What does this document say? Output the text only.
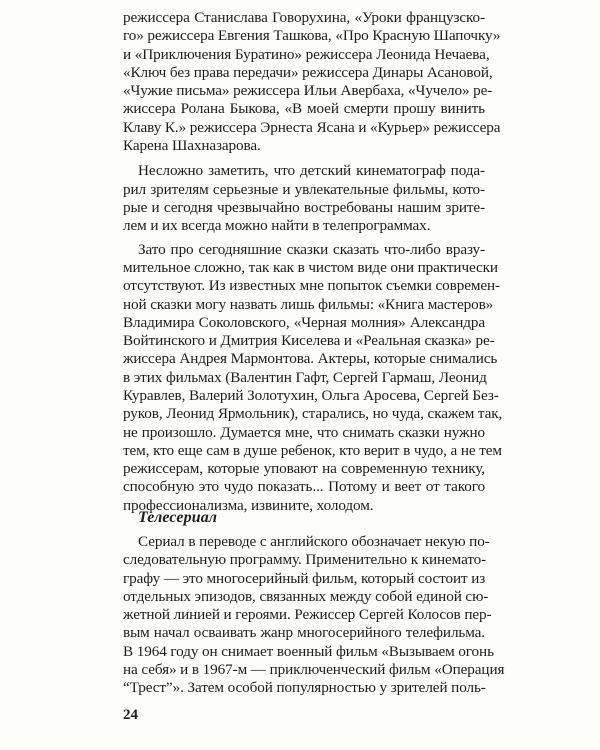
режиссера Станислава Говорухина, «Уроки французско-
го» режиссера Евгения Ташкова, «Про Красную Шапочку»
и «Приключения Буратино» режиссера Леонида Нечаева,
«Ключ без права передачи» режиссера Динары Асановой,
«Чужие письма» режиссера Ильи Авербаха, «Чучело» ре-
жиссера Ролана Быкова, «В моей смерти прошу винить
Клаву К.» режиссера Эрнеста Ясана и «Курьер» режиссера
Карена Шахназарова.
Несложно заметить, что детский кинематограф пода-
рил зрителям серьезные и увлекательные фильмы, кото-
рые и сегодня чрезвычайно востребованы нашим зрите-
лем и их всегда можно найти в телепрограммах.
Зато про сегодняшние сказки сказать что-либо вразу-
мительное сложно, так как в чистом виде они практически
отсутствуют. Из известных мне попыток съемки современ-
ной сказки могу назвать лишь фильмы: «Книга мастеров»
Владимира Соколовского, «Черная молния» Александра
Войтинского и Дмитрия Киселева и «Реальная сказка» ре-
жиссера Андрея Мармонтова. Актеры, которые снимались
в этих фильмах (Валентин Гафт, Сергей Гармаш, Леонид
Куравлев, Валерий Золотухин, Ольга Аросева, Сергей Без-
руков, Леонид Ярмольник), старались, но чуда, скажем так,
не произошло. Думается мне, что снимать сказки нужно
тем, кто еще сам в душе ребенок, кто верит в чудо, а не тем
режиссерам, которые уповают на современную технику,
способную это чудо показать... Потому и веет от такого
профессионализма, извините, холодом.
Сериал в переводе с английского обозначает некую по-
следовательную программу. Применительно к кинемато-
графу — это многосерийный фильм, который состоит из
отдельных эпизодов, связанных между собой единой сю-
жетной линией и героями. Режиссер Сергей Колосов пер-
вым начал осваивать жанр многосерийного телефильма.
В 1964 году он снимает военный фильм «Вызываем огонь
на себя» и в 1967-м — приключенческий фильм «Операция
“Трест”». Затем особой популярностью у зрителей поль-
Телесериал
24
